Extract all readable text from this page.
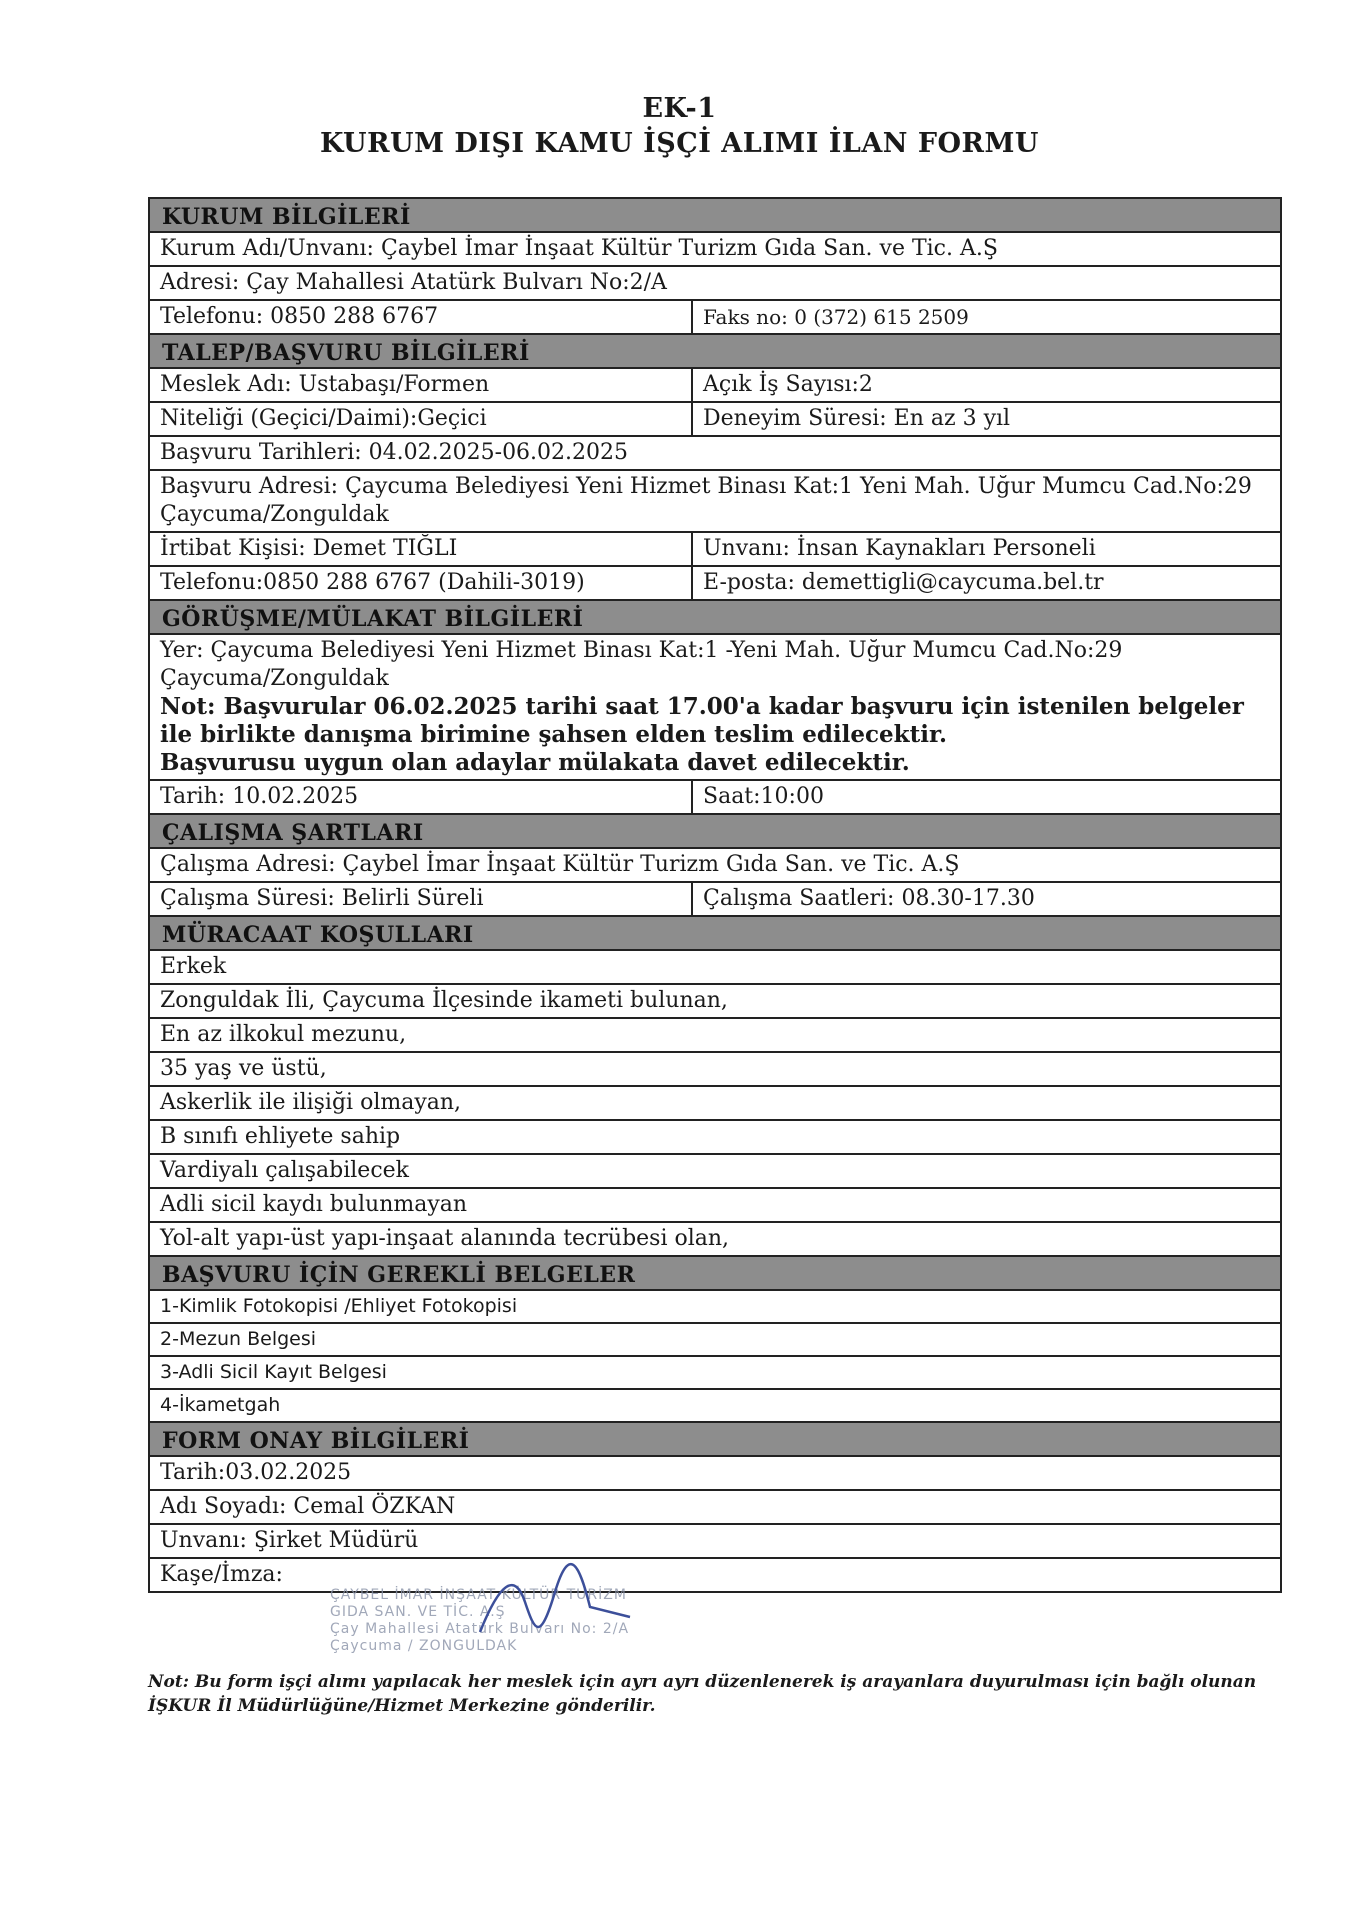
EK-1
KURUM DIŞI KAMU İŞÇİ ALIMI İLAN FORMU
KURUM BİLGİLERİ
Kurum Adı/Unvanı: Çaybel İmar İnşaat Kültür Turizm Gıda San. ve Tic. A.Ş
Adresi: Çay Mahallesi Atatürk Bulvarı No:2/A
Telefonu: 0850 288 6767	Faks no: 0 (372) 615 2509
TALEP/BAŞVURU BİLGİLERİ
Meslek Adı: Ustabaşı/Formen	Açık İş Sayısı:2
Niteliği (Geçici/Daimi):Geçici	Deneyim Süresi: En az 3 yıl
Başvuru Tarihleri: 04.02.2025-06.02.2025
Başvuru Adresi: Çaycuma Belediyesi Yeni Hizmet Binası Kat:1 Yeni Mah. Uğur Mumcu Cad.No:29 Çaycuma/Zonguldak
İrtibat Kişisi: Demet TIĞLI	Unvanı: İnsan Kaynakları Personeli
Telefonu:0850 288 6767 (Dahili-3019)	E-posta: demettigli@caycuma.bel.tr
GÖRÜŞME/MÜLAKAT BİLGİLERİ
Yer: Çaycuma Belediyesi Yeni Hizmet Binası Kat:1 -Yeni Mah. Uğur Mumcu Cad.No:29 Çaycuma/Zonguldak
Not: Başvurular 06.02.2025 tarihi saat 17.00'a kadar başvuru için istenilen belgeler ile birlikte danışma birimine şahsen elden teslim edilecektir.
Başvurusu uygun olan adaylar mülakata davet edilecektir.
Tarih: 10.02.2025	Saat:10:00
ÇALIŞMA ŞARTLARI
Çalışma Adresi: Çaybel İmar İnşaat Kültür Turizm Gıda San. ve Tic. A.Ş
Çalışma Süresi: Belirli Süreli	Çalışma Saatleri: 08.30-17.30
MÜRACAAT KOŞULLARI
Erkek
Zonguldak İli, Çaycuma İlçesinde ikameti bulunan,
En az ilkokul mezunu,
35 yaş ve üstü,
Askerlik ile ilişiği olmayan,
B sınıfı ehliyete sahip
Vardiyalı çalışabilecek
Adli sicil kaydı bulunmayan
Yol-alt yapı-üst yapı-inşaat alanında tecrübesi olan,
BAŞVURU İÇİN GEREKLİ BELGELER
1-Kimlik Fotokopisi /Ehliyet Fotokopisi
2-Mezun Belgesi
3-Adli Sicil Kayıt Belgesi
4-İkametgah
FORM ONAY BİLGİLERİ
Tarih:03.02.2025
Adı Soyadı: Cemal ÖZKAN
Unvanı: Şirket Müdürü
Kaşe/İmza:
ÇAYBEL İMAR İNŞAAT KÜLTÜR TURİZM
GIDA SAN. VE TİC. A.Ş
Çay Mahallesi Atatürk Bulvarı No: 2/A
Çaycuma / ZONGULDAK
Not: Bu form işçi alımı yapılacak her meslek için ayrı ayrı düzenlenerek iş arayanlara duyurulması için bağlı olunan İŞKUR İl Müdürlüğüne/Hizmet Merkezine gönderilir.
